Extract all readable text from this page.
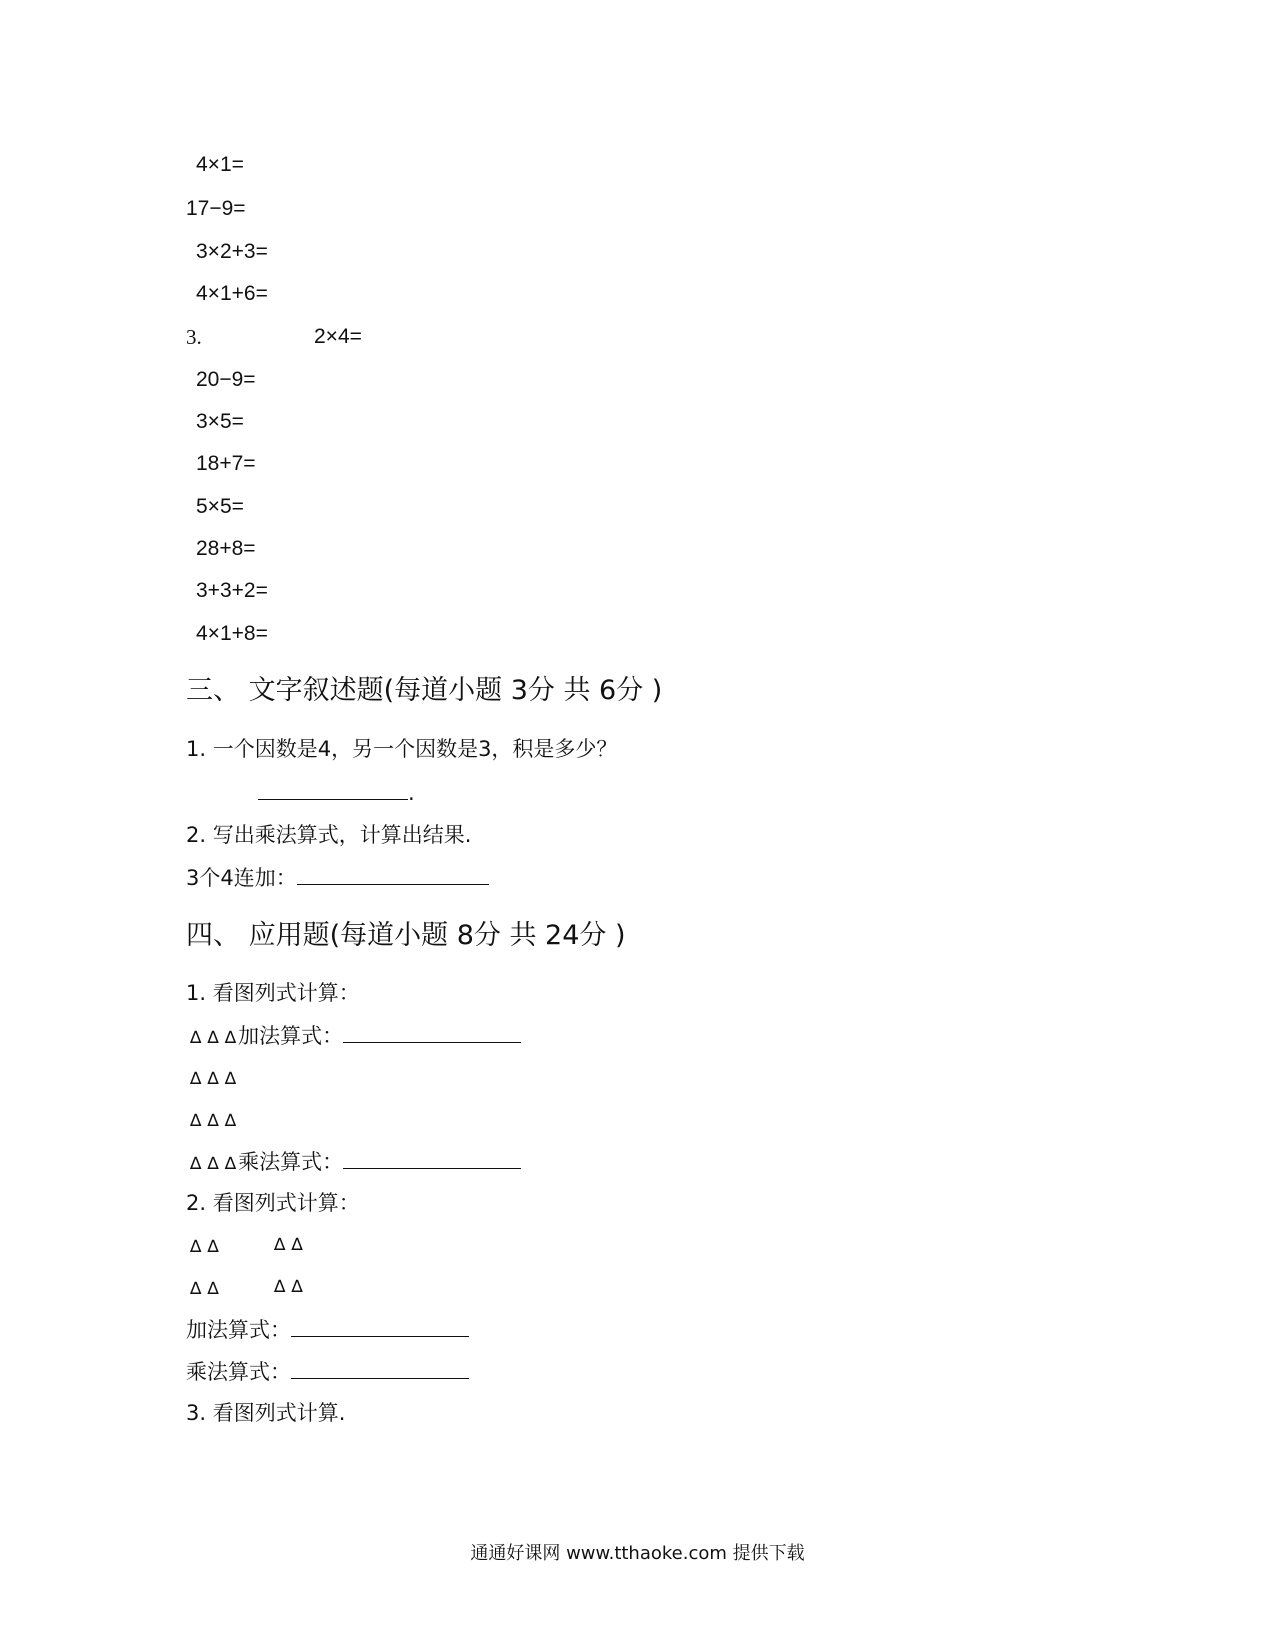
4×1=
17−9=
3×2+3=
4×1+6=
3.	2×4=
20−9=
3×5=
18+7=
5×5=
28+8=
3+3+2=
4×1+8=
三、 文字叙述题(每道小题 3分 共 6分 )
1. 一个因数是4，另一个因数是3，积是多少？
.
2. 写出乘法算式，计算出结果.
3个4连加：
四、 应用题(每道小题 8分 共 24分 )
1. 看图列式计算：
∆∆∆加法算式：
∆∆∆
∆∆∆
∆∆∆乘法算式：
2. 看图列式计算：
∆∆	∆∆
∆∆	∆∆
加法算式：
乘法算式：
3. 看图列式计算.
通通好课网 www.tthaoke.com 提供下载
